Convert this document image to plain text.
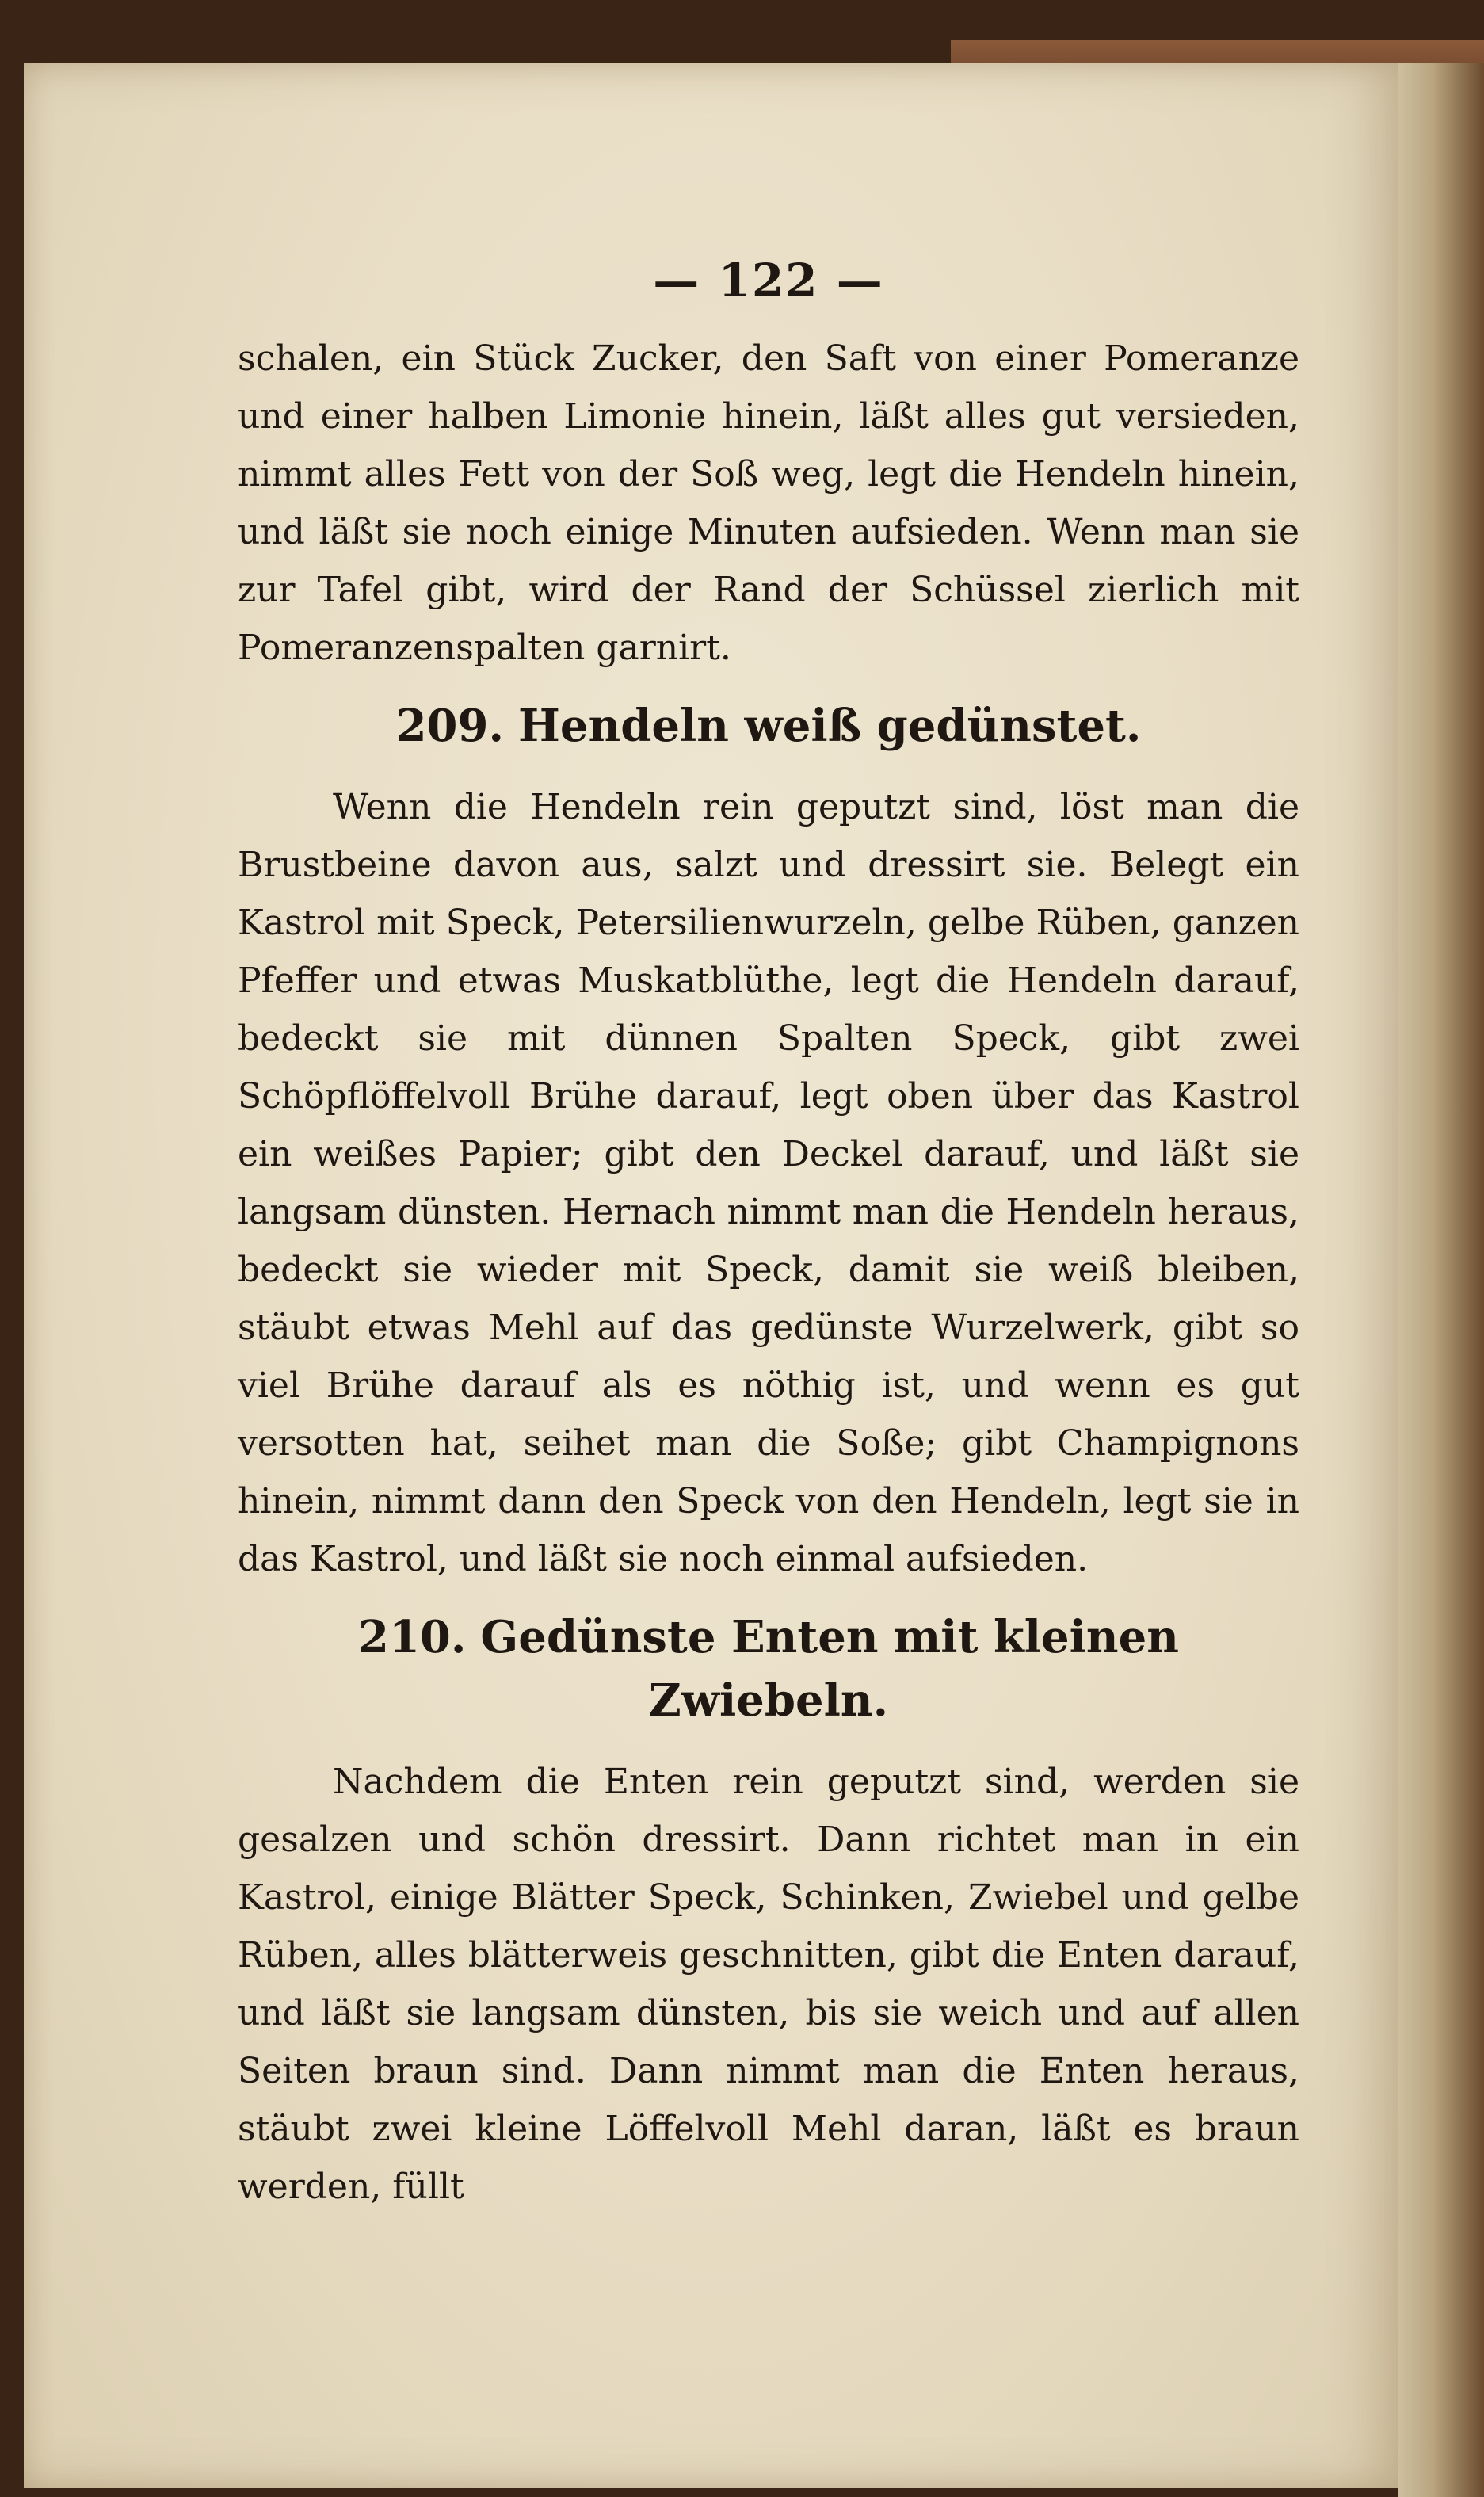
— 122 —

schalen, ein Stück Zucker, den Saft von einer Pomeranze und einer halben Limonie hinein, läßt alles gut versieden, nimmt alles Fett von der Soß weg, legt die Hendeln hinein, und läßt sie noch einige Minuten aufsieden. Wenn man sie zur Tafel gibt, wird der Rand der Schüssel zierlich mit Pomeranzenspalten garnirt.

209. Hendeln weiß gedünstet.

Wenn die Hendeln rein geputzt sind, löst man die Brustbeine davon aus, salzt und dressirt sie. Belegt ein Kastrol mit Speck, Petersilienwurzeln, gelbe Rüben, ganzen Pfeffer und etwas Muskatblüthe, legt die Hendeln darauf, bedeckt sie mit dünnen Spalten Speck, gibt zwei Schöpflöffelvoll Brühe darauf, legt oben über das Kastrol ein weißes Papier; gibt den Deckel darauf, und läßt sie langsam dünsten. Hernach nimmt man die Hendeln heraus, bedeckt sie wieder mit Speck, damit sie weiß bleiben, stäubt etwas Mehl auf das gedünste Wurzelwerk, gibt so viel Brühe darauf als es nöthig ist, und wenn es gut versotten hat, seihet man die Soße; gibt Champignons hinein, nimmt dann den Speck von den Hendeln, legt sie in das Kastrol, und läßt sie noch einmal aufsieden.

210. Gedünste Enten mit kleinen Zwiebeln.

Nachdem die Enten rein geputzt sind, werden sie gesalzen und schön dressirt. Dann richtet man in ein Kastrol, einige Blätter Speck, Schinken, Zwiebel und gelbe Rüben, alles blätterweis geschnitten, gibt die Enten darauf, und läßt sie langsam dünsten, bis sie weich und auf allen Seiten braun sind. Dann nimmt man die Enten heraus, stäubt zwei kleine Löffelvoll Mehl daran, läßt es braun werden, füllt
